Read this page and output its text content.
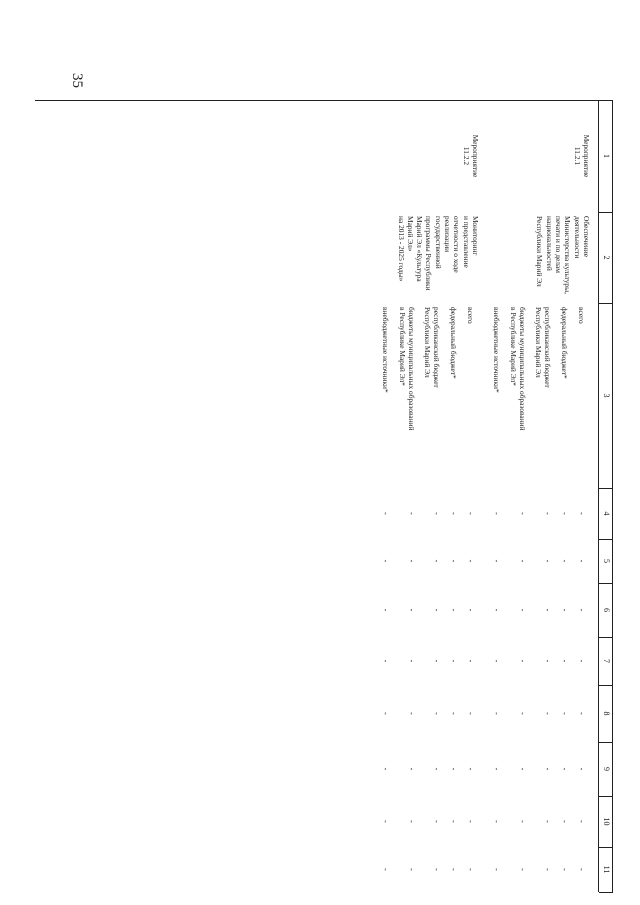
35
1
2
3
4
5
6
7
8
9
10
11
Мероприятие
11.2.1
Обеспечение
деятельности
Министерства культуры,
печати и по делам
национальностей
Республики Марий Эл
всего
-
-
-
-
-
-
-
-
федеральный бюджет*
-
-
-
-
-
-
-
-
республиканский бюджет
Республики Марий Эл
-
-
-
-
-
-
-
-
бюджеты муниципальных образований
в Республике Марий Эл*
-
-
-
-
-
-
-
-
внебюджетные источники*
-
-
-
-
-
-
-
-
Мероприятие
11.2.2
Мониторинг
и представление
отчетности о ходе
реализации
государственной
программы Республики
Марий Эл «Культура
Марий Эл»
на 2013 - 2025 годы»
всего
-
-
-
-
-
-
-
-
федеральный бюджет*
-
-
-
-
-
-
-
-
республиканский бюджет
Республики Марий Эл
-
-
-
-
-
-
-
-
бюджеты муниципальных образований
в Республике Марий Эл*
-
-
-
-
-
-
-
-
внебюджетные источники*
-
-
-
-
-
-
-
-
